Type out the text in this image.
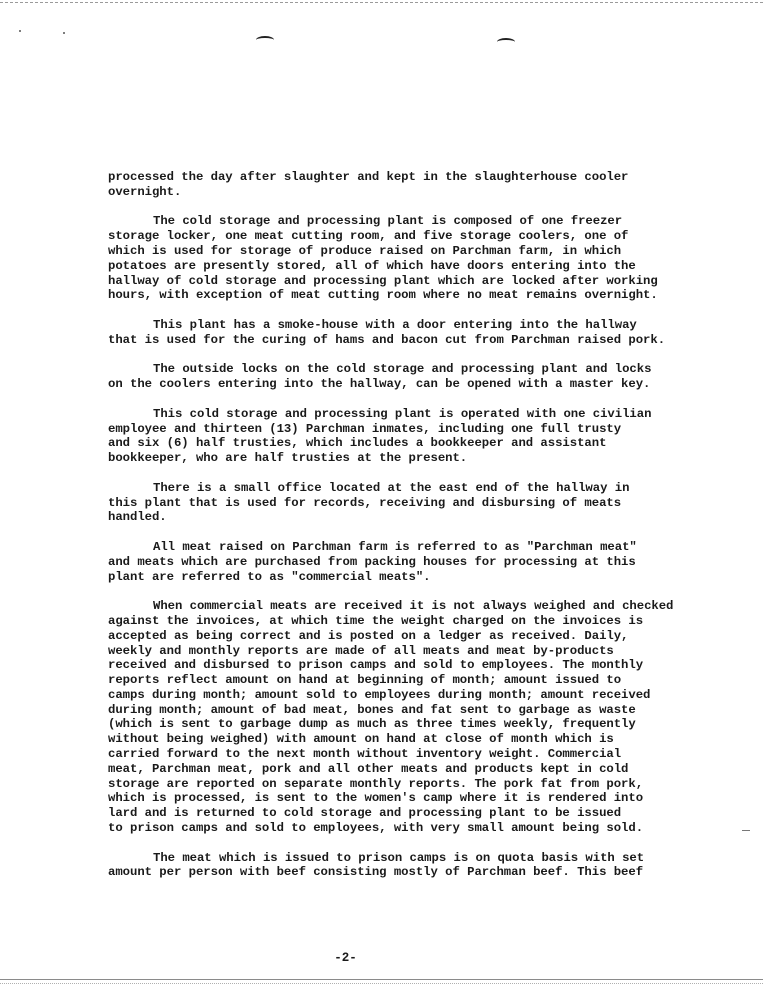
processed the day after slaughter and kept in the slaughterhouse cooler
overnight.
The cold storage and processing plant is composed of one freezer
storage locker, one meat cutting room, and five storage coolers, one of
which is used for storage of produce raised on Parchman farm, in which
potatoes are presently stored, all of which have doors entering into the
hallway of cold storage and processing plant which are locked after working
hours, with exception of meat cutting room where no meat remains overnight.
This plant has a smoke-house with a door entering into the hallway
that is used for the curing of hams and bacon cut from Parchman raised pork.
The outside locks on the cold storage and processing plant and locks
on the coolers entering into the hallway, can be opened with a master key.
This cold storage and processing plant is operated with one civilian
employee and thirteen (13) Parchman inmates, including one full trusty
and six (6) half trusties, which includes a bookkeeper and assistant
bookkeeper, who are half trusties at the present.
There is a small office located at the east end of the hallway in
this plant that is used for records, receiving and disbursing of meats
handled.
All meat raised on Parchman farm is referred to as "Parchman meat"
and meats which are purchased from packing houses for processing at this
plant are referred to as "commercial meats".
When commercial meats are received it is not always weighed and checked
against the invoices, at which time the weight charged on the invoices is
accepted as being correct and is posted on a ledger as received. Daily,
weekly and monthly reports are made of all meats and meat by-products
received and disbursed to prison camps and sold to employees. The monthly
reports reflect amount on hand at beginning of month; amount issued to
camps during month; amount sold to employees during month; amount received
during month; amount of bad meat, bones and fat sent to garbage as waste
(which is sent to garbage dump as much as three times weekly, frequently
without being weighed) with amount on hand at close of month which is
carried forward to the next month without inventory weight. Commercial
meat, Parchman meat, pork and all other meats and products kept in cold
storage are reported on separate monthly reports. The pork fat from pork,
which is processed, is sent to the women's camp where it is rendered into
lard and is returned to cold storage and processing plant to be issued
to prison camps and sold to employees, with very small amount being sold.
The meat which is issued to prison camps is on quota basis with set
amount per person with beef consisting mostly of Parchman beef. This beef
-2-
